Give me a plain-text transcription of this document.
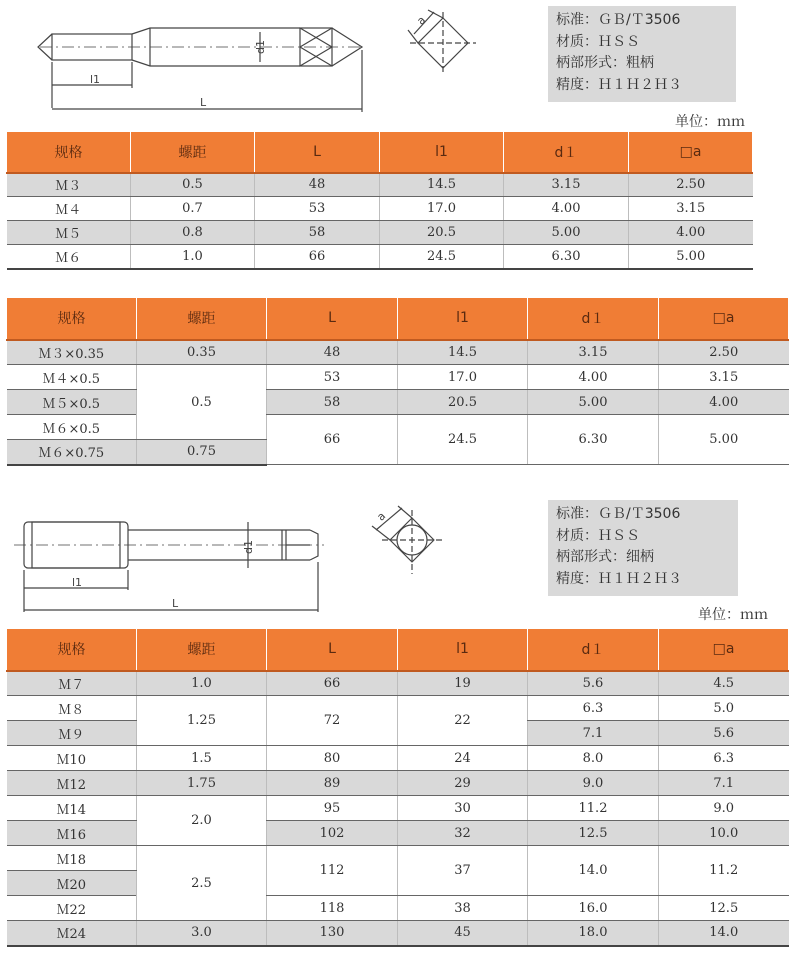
d1
l1
L
a	标准：ＧＢ/Ｔ3506
材质：ＨＳＳ
柄部形式：粗柄
精度：Ｈ１Ｈ２Ｈ３
单位：ｍｍ
规格	螺距	L	l1	d１	□a
Ｍ３	0.5	48	14.5	3.15	2.50
Ｍ４	0.7	53	17.0	4.00	3.15
Ｍ５	0.8	58	20.5	5.00	4.00
Ｍ６	1.0	66	24.5	6.30	5.00
规格	螺距	L	l1	d１	□a
Ｍ３×0.35	0.35	48	14.5	3.15	2.50
Ｍ４×0.5	0.5	53	17.0	4.00	3.15
Ｍ５×0.5		58	20.5	5.00	4.00
Ｍ６×0.5		66	24.5	6.30	5.00
Ｍ６×0.75	0.75				
d1
l1
L
a	标准：ＧＢ/Ｔ3506
材质：ＨＳＳ
柄部形式：细柄
精度：Ｈ１Ｈ２Ｈ３
单位：ｍｍ
规格	螺距	L	l1	d１	□a
Ｍ７	1.0	66	19	5.6	4.5
Ｍ８	1.25	72	22	6.3	5.0
Ｍ９				7.1	5.6
Ｍ10	1.5	80	24	8.0	6.3
Ｍ12	1.75	89	29	9.0	7.1
Ｍ14	2.0	95	30	11.2	9.0
Ｍ16		102	32	12.5	10.0
Ｍ18	2.5	112	37	14.0	11.2
Ｍ20					
Ｍ22		118	38	16.0	12.5
Ｍ24	3.0	130	45	18.0	14.0
